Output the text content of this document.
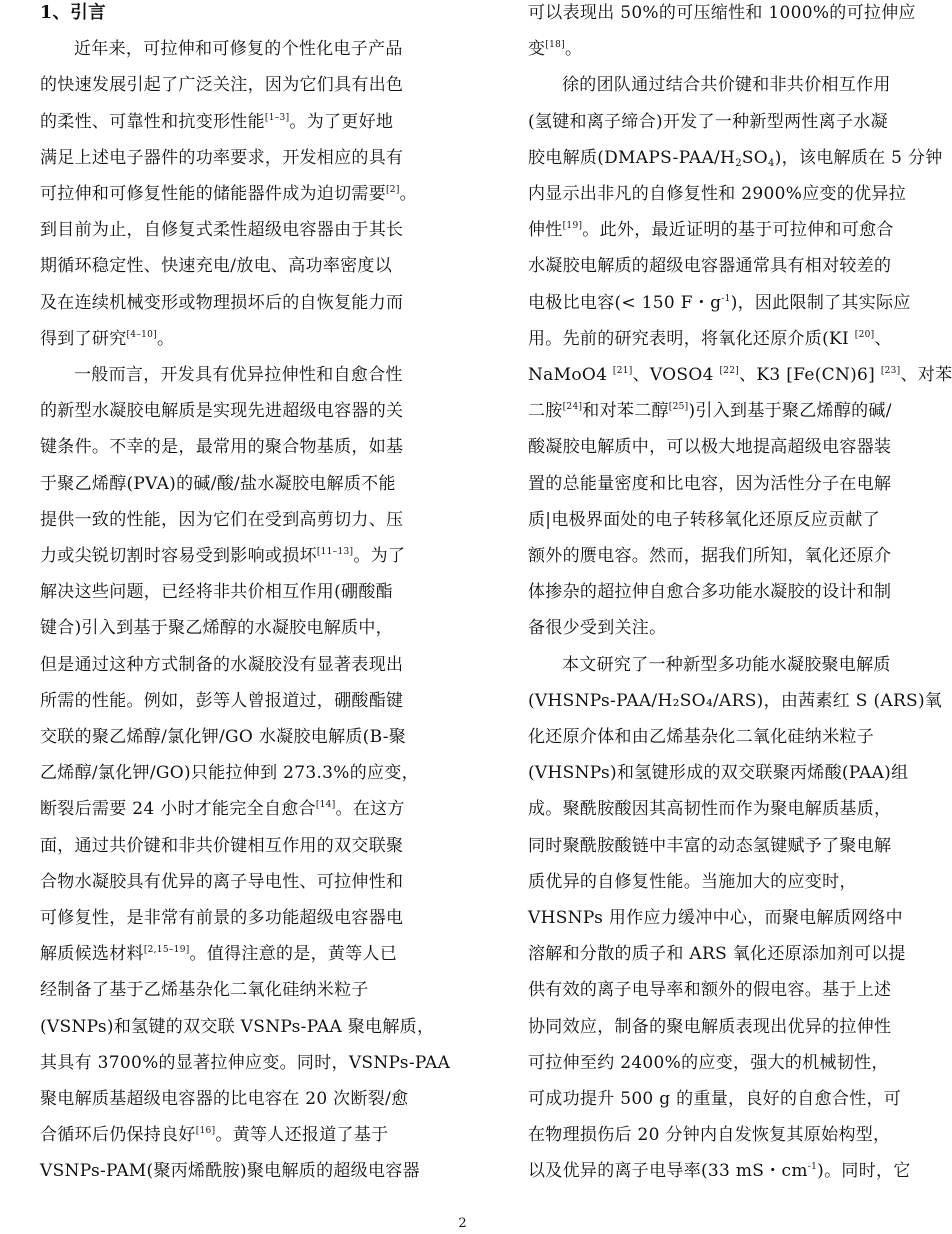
1、引言
近年来，可拉伸和可修复的个性化电子产品
的快速发展引起了广泛关注，因为它们具有出色
的柔性、可靠性和抗变形性能[1–3]。为了更好地
满足上述电子器件的功率要求，开发相应的具有
可拉伸和可修复性能的储能器件成为迫切需要[2]。
到目前为止，自修复式柔性超级电容器由于其长
期循环稳定性、快速充电/放电、高功率密度以
及在连续机械变形或物理损坏后的自恢复能力而
得到了研究[4–10]。
一般而言，开发具有优异拉伸性和自愈合性
的新型水凝胶电解质是实现先进超级电容器的关
键条件。不幸的是，最常用的聚合物基质，如基
于聚乙烯醇(PVA)的碱/酸/盐水凝胶电解质不能
提供一致的性能，因为它们在受到高剪切力、压
力或尖锐切割时容易受到影响或损坏[11–13]。为了
解决这些问题，已经将非共价相互作用(硼酸酯
键合)引入到基于聚乙烯醇的水凝胶电解质中，
但是通过这种方式制备的水凝胶没有显著表现出
所需的性能。例如，彭等人曾报道过，硼酸酯键
交联的聚乙烯醇/氯化钾/GO 水凝胶电解质(B-聚
乙烯醇/氯化钾/GO)只能拉伸到 273.3%的应变，
断裂后需要 24 小时才能完全自愈合[14]。在这方
面，通过共价键和非共价键相互作用的双交联聚
合物水凝胶具有优异的离子导电性、可拉伸性和
可修复性，是非常有前景的多功能超级电容器电
解质候选材料[2,15–19]。值得注意的是，黄等人已
经制备了基于乙烯基杂化二氧化硅纳米粒子
(VSNPs)和氢键的双交联 VSNPs-PAA 聚电解质，
其具有 3700%的显著拉伸应变。同时，VSNPs-PAA
聚电解质基超级电容器的比电容在 20 次断裂/愈
合循环后仍保持良好[16]。黄等人还报道了基于
VSNPs-PAM(聚丙烯酰胺)聚电解质的超级电容器
可以表现出 50%的可压缩性和 1000%的可拉伸应
变[18]。
徐的团队通过结合共价键和非共价相互作用
(氢键和离子缔合)开发了一种新型两性离子水凝
胶电解质$(DMAPS-PAA/H_2SO_4)$，该电解质在 5 分钟
内显示出非凡的自修复性和 2900%应变的优异拉
伸性[19]。此外，最近证明的基于可拉伸和可愈合
水凝胶电解质的超级电容器通常具有相对较差的
电极比电容(< 150 F・$g^{-1}$)，因此限制了其实际应
用。先前的研究表明，将氧化还原介质(KI [20]、
NaMoO4 [21]、VOSO4 [22]、K3 [Fe(CN)6] [23]、对苯
二胺[24]和对苯二醇[25])引入到基于聚乙烯醇的碱/
酸凝胶电解质中，可以极大地提高超级电容器装
置的总能量密度和比电容，因为活性分子在电解
质|电极界面处的电子转移氧化还原反应贡献了
额外的赝电容。然而，据我们所知，氧化还原介
体掺杂的超拉伸自愈合多功能水凝胶的设计和制
备很少受到关注。
本文研究了一种新型多功能水凝胶聚电解质
(VHSNPs-PAA/H₂SO₄/ARS)，由茜素红 S (ARS)氧
化还原介体和由乙烯基杂化二氧化硅纳米粒子
(VHSNPs)和氢键形成的双交联聚丙烯酸(PAA)组
成。聚酰胺酸因其高韧性而作为聚电解质基质，
同时聚酰胺酸链中丰富的动态氢键赋予了聚电解
质优异的自修复性能。当施加大的应变时，
VHSNPs 用作应力缓冲中心，而聚电解质网络中
溶解和分散的质子和 ARS 氧化还原添加剂可以提
供有效的离子电导率和额外的假电容。基于上述
协同效应，制备的聚电解质表现出优异的拉伸性
可拉伸至约 2400%的应变，强大的机械韧性，
可成功提升 500 g 的重量，良好的自愈合性，可
在物理损伤后 20 分钟内自发恢复其原始构型，
以及优异的离子电导率(33 mS・$cm^{-1}$)。同时，它
2
